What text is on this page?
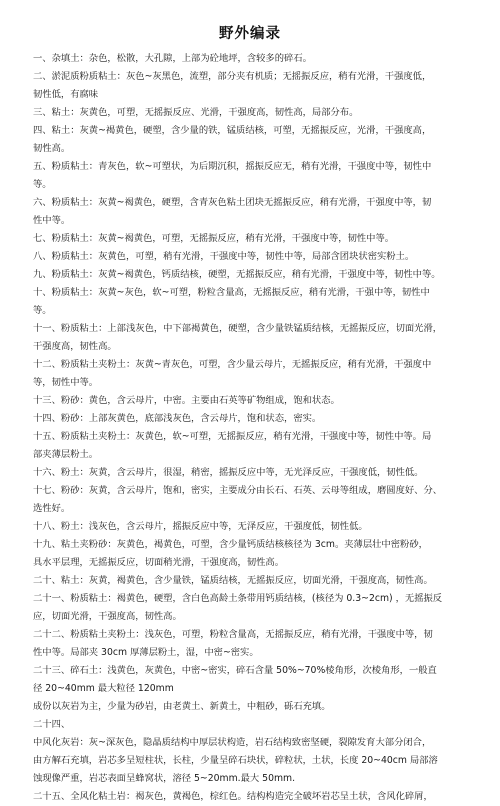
野外编录
一、杂填土：杂色，松散，大孔隙，上部为砼地坪，含较多的碎石。
二、淤泥质粉质粘土：灰色~灰黑色，流塑，部分夹有机质；无摇振反应，稍有光滑，干强度低，
韧性低，有腐味
三、粘土：灰黄色，可塑，无摇振反应、光滑，干强度高，韧性高，局部分布。
四、粘土：灰黄~褐黄色，硬塑，含少量的铁，锰质结核，可塑，无摇振反应，光滑，干强度高，
韧性高。
五、粉质粘土：青灰色，软~可塑状，为后期沉积，摇振反应无，稍有光滑，干强度中等，韧性中
等。
六、粉质粘土：灰黄~褐黄色，硬塑，含青灰色粘土团块无摇振反应，稍有光滑，干强度中等，韧
性中等。
七、粉质粘土：灰黄~褐黄色，可塑，无摇振反应，稍有光滑，干强度中等，韧性中等。
八、粉质粘土：灰黄色，可塑，稍有光滑，干强度中等，韧性中等，局部含团块状密实粉土。
九、粉质粘土：灰黄~褐黄色，钙质结核，硬塑，无摇振反应，稍有光滑，干强度中等，韧性中等。
十、粉质粘土：灰黄~灰色，软~可塑，粉粒含量高，无摇振反应，稍有光滑，干强中等，韧性中
等。
十一、粉质粘土：上部浅灰色，中下部褐黄色，硬塑，含少量铁锰质结核，无摇振反应，切面光滑，
干强度高，韧性高。
十二、粉质粘土夹粉土：灰黄~青灰色，可塑，含少量云母片，无摇振反应，稍有光滑，干强度中
等，韧性中等。
十三、粉砂：黄色，含云母片，中密。主要由石英等矿物组成，饱和状态。
十四、粉砂：上部灰黄色，底部浅灰色，含云母片，饱和状态，密实。
十五、粉质粘土夹粉土：灰黄色，软~可塑，无摇振反应，稍有光滑，干强度中等，韧性中等。局
部夹薄层粉土。
十六、粉土：灰黄，含云母片，很湿，稍密，摇振反应中等，无光泽反应，干强度低，韧性低。
十七、粉砂：灰黄，含云母片，饱和，密实，主要成分由长石、石英、云母等组成，磨圆度好、分、
选性好。
十八、粉土：浅灰色，含云母片，摇振反应中等，无泽反应，干强度低，韧性低。
十九、粘土夹粉砂：灰黄色，褐黄色，可塑，含少量钙质结核核径为 3cm。夹薄层壮中密粉砂，
具水平层理，无摇振反应，切面稍光滑，干强度高，韧性高。
二十、粘土：灰黄，褐黄色，含少量铁，锰质结核，无摇振反应，切面光滑，干强度高，韧性高。
二十一、粉质粘土：褐黄色，硬塑，含白色高龄土条带用钙质结核，(核径为 0.3~2cm) ，无摇振反
应，切面光滑，干强度高，韧性高。
二十二、粉质粘土夹粉土：浅灰色，可塑，粉粒含量高，无摇振反应，稍有光滑，干强度中等，韧
性中等。局部夹 30cm 厚薄层粉土，湿，中密~密实。
二十三、碎石土：浅黄色，灰黄色，中密~密实，碎石含量 50%~70%棱角形，次棱角形，一般直
径 20~40mm 最大粒径 120mm
成份以灰岩为主，少量为砂岩，由老黄土、新黄土，中粗砂，砾石充填。
二十四、
中风化灰岩：灰~深灰色，隐晶质结构中厚层状构造，岩石结构致密坚硬，裂隙发育大部分闭合，
由方解石充填，岩芯多呈短柱状，长柱，少量呈碎石块状，碎粒状，土状，长度 20~40cm 局部溶
蚀现像严重，岩芯表面呈蜂窝状，溶径 5~20mm.最大 50mm.
二十五、全风化粘土岩：褐灰色，黄褐色，棕红色。结构构造完全破坏岩芯呈土状，含风化碎屑，
